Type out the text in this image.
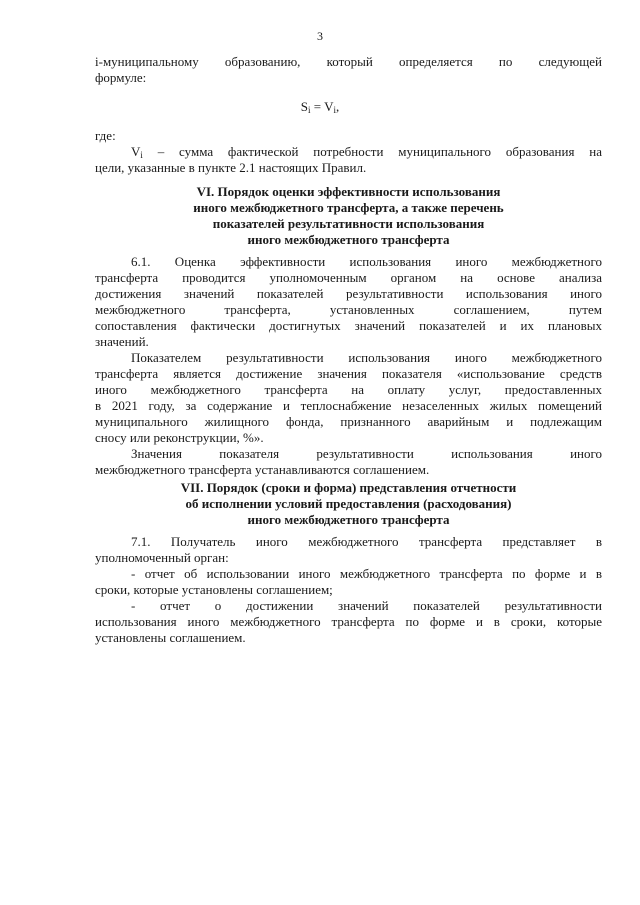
3
i-муниципальному образованию, который определяется по следующей
формуле:
$S_i = V_i$,
где:
$V_i$ – сумма фактической потребности муниципального образования на
цели, указанные в пункте 2.1 настоящих Правил.
VI. Порядок оценки эффективности использования
иного межбюджетного трансферта, а также перечень
показателей результативности использования
иного межбюджетного трансферта
6.1. Оценка эффективности использования иного межбюджетного
трансферта проводится уполномоченным органом на основе анализа
достижения значений показателей результативности использования иного
межбюджетного трансферта, установленных соглашением, путем
сопоставления фактически достигнутых значений показателей и их плановых
значений.
Показателем результативности использования иного межбюджетного
трансферта является достижение значения показателя «использование средств
иного межбюджетного трансферта на оплату услуг, предоставленных
в 2021 году, за содержание и теплоснабжение незаселенных жилых помещений
муниципального жилищного фонда, признанного аварийным и подлежащим
сносу или реконструкции, %».
Значения показателя результативности использования иного
межбюджетного трансферта устанавливаются соглашением.
VII. Порядок (сроки и форма) представления отчетности
об исполнении условий предоставления (расходования)
иного межбюджетного трансферта
7.1. Получатель иного межбюджетного трансферта представляет в
уполномоченный орган:
- отчет об использовании иного межбюджетного трансферта по форме и в
сроки, которые установлены соглашением;
- отчет о достижении значений показателей результативности
использования иного межбюджетного трансферта по форме и в сроки, которые
установлены соглашением.
